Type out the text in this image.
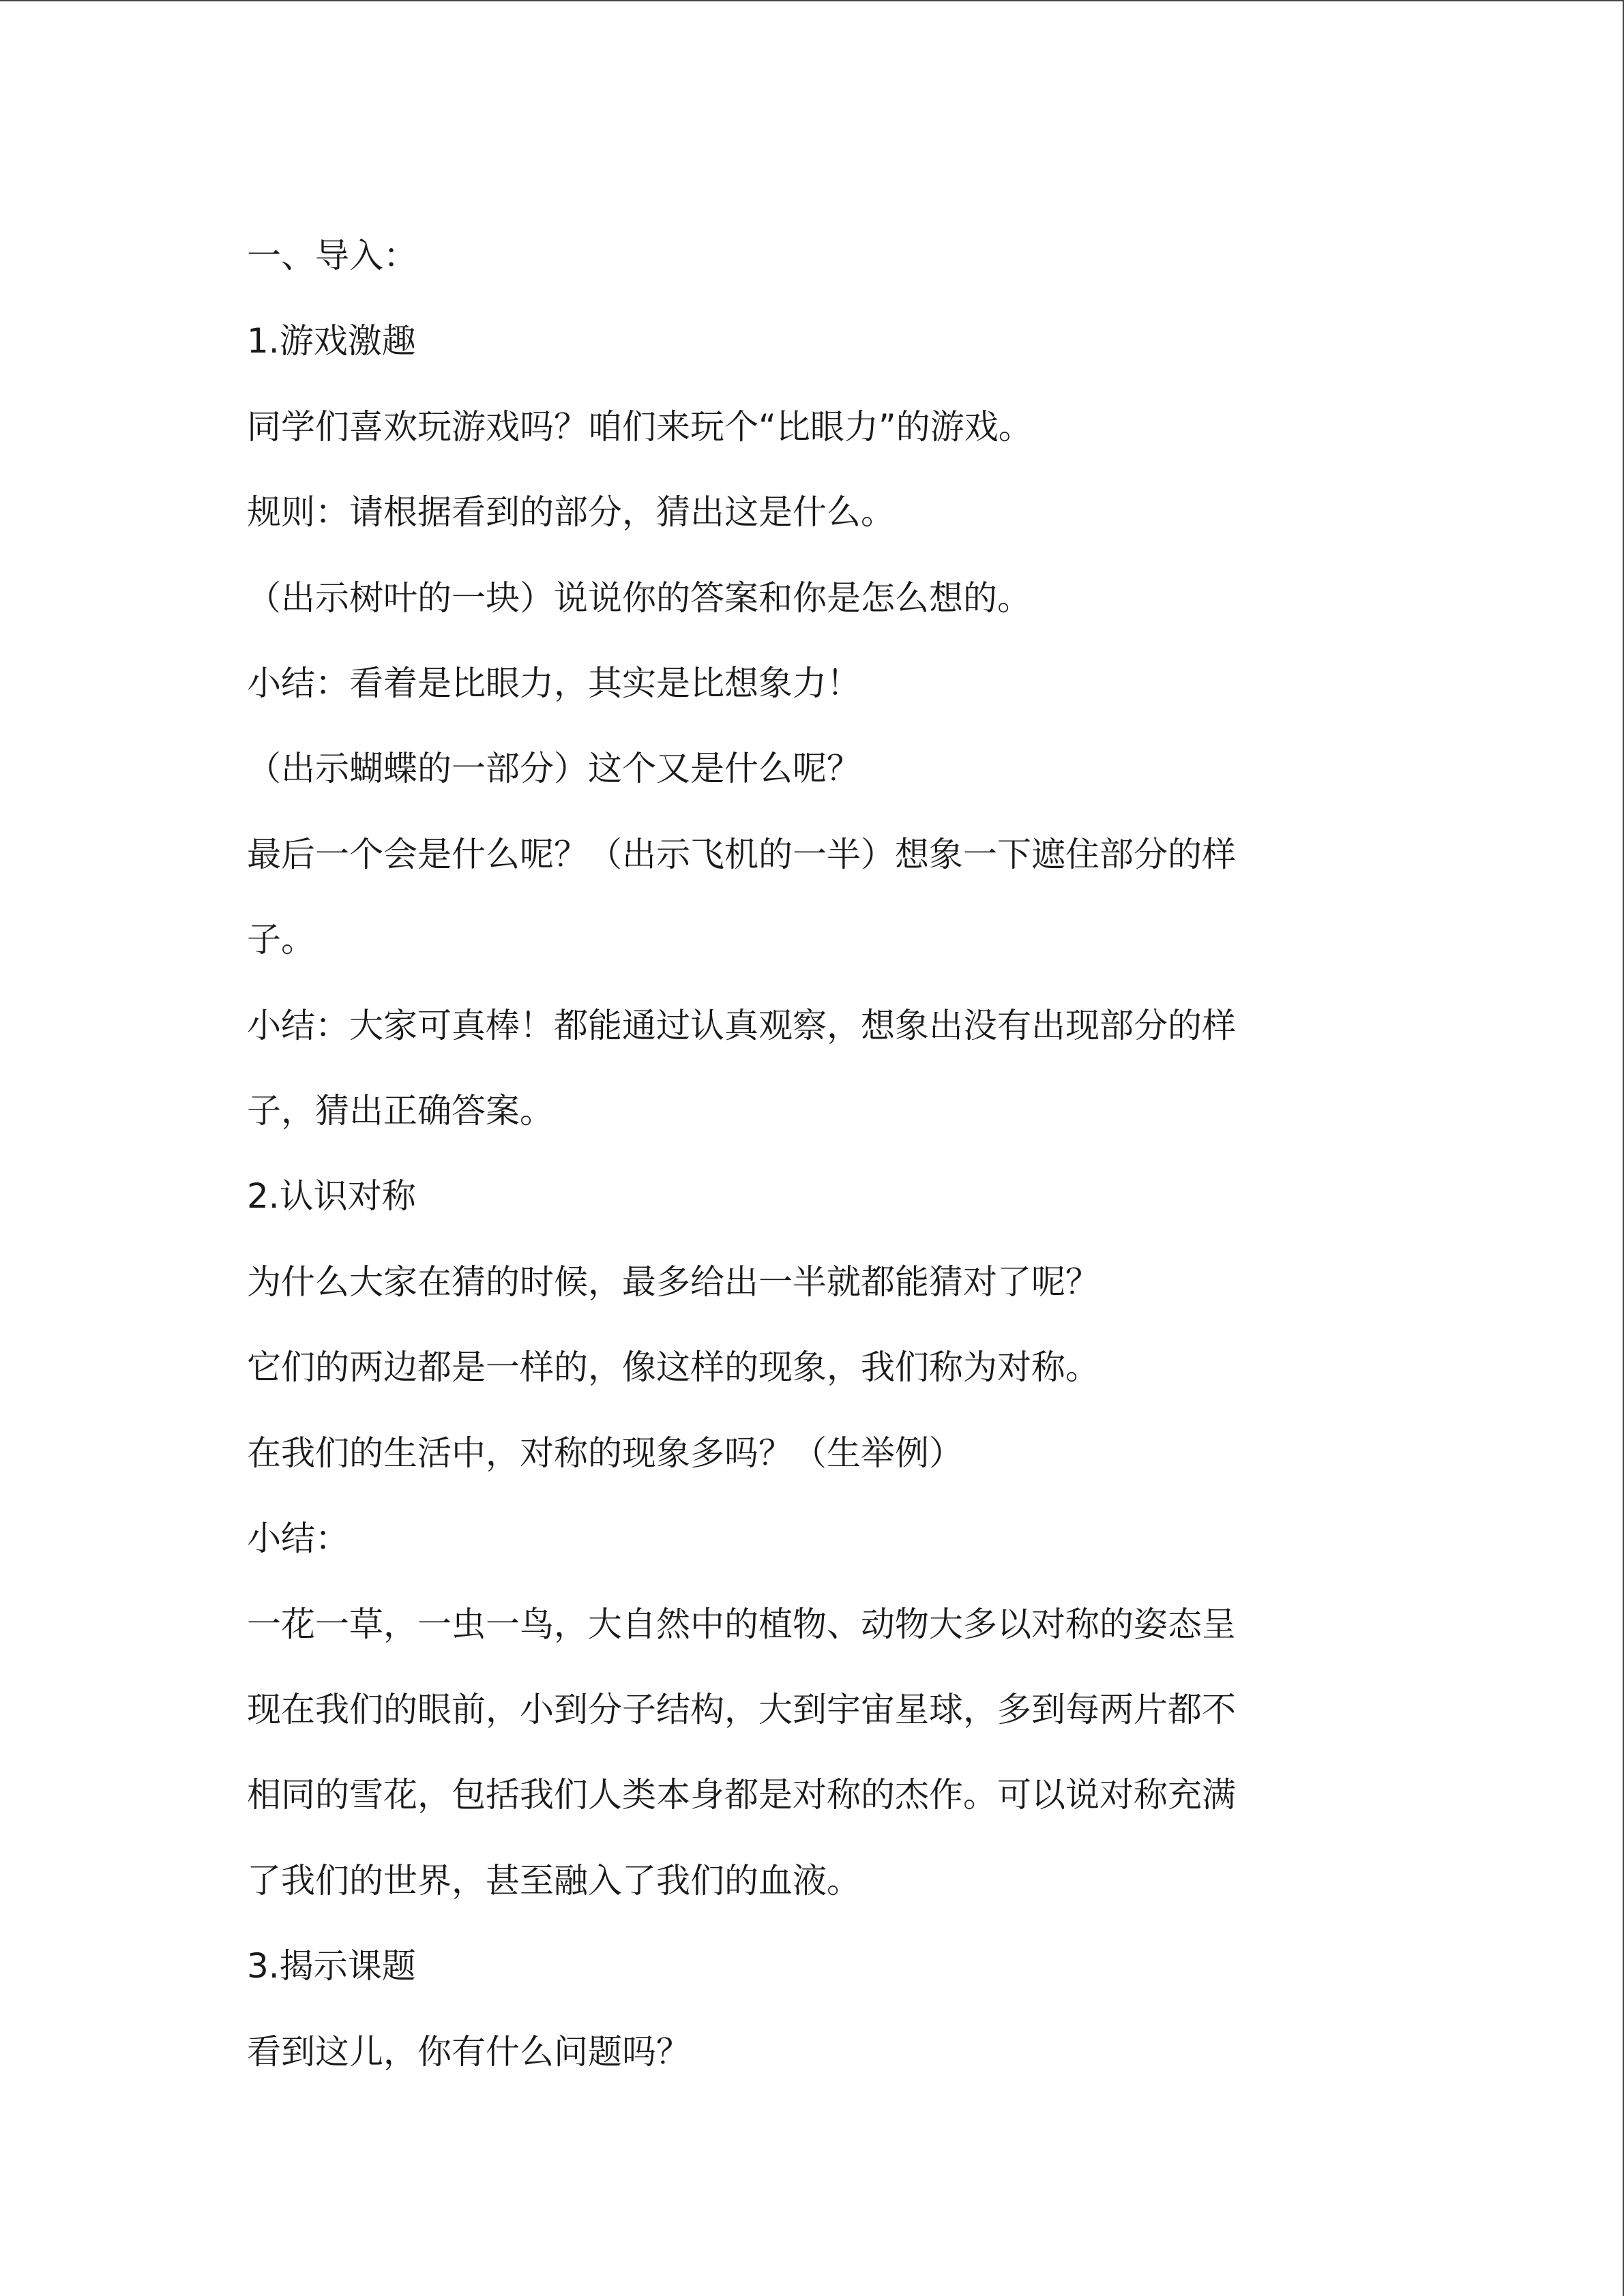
一、导入：
1.游戏激趣
同学们喜欢玩游戏吗？咱们来玩个“比眼力”的游戏。
规则：请根据看到的部分，猜出这是什么。
（出示树叶的一块）说说你的答案和你是怎么想的。
小结：看着是比眼力，其实是比想象力！
（出示蝴蝶的一部分）这个又是什么呢？
最后一个会是什么呢？（出示飞机的一半）想象一下遮住部分的样
子。
小结：大家可真棒！都能通过认真观察，想象出没有出现部分的样
子，猜出正确答案。
2.认识对称
为什么大家在猜的时候，最多给出一半就都能猜对了呢？
它们的两边都是一样的，像这样的现象，我们称为对称。
在我们的生活中，对称的现象多吗？（生举例）
小结：
一花一草，一虫一鸟，大自然中的植物、动物大多以对称的姿态呈
现在我们的眼前，小到分子结构，大到宇宙星球，多到每两片都不
相同的雪花，包括我们人类本身都是对称的杰作。可以说对称充满
了我们的世界，甚至融入了我们的血液。
3.揭示课题
看到这儿，你有什么问题吗？
